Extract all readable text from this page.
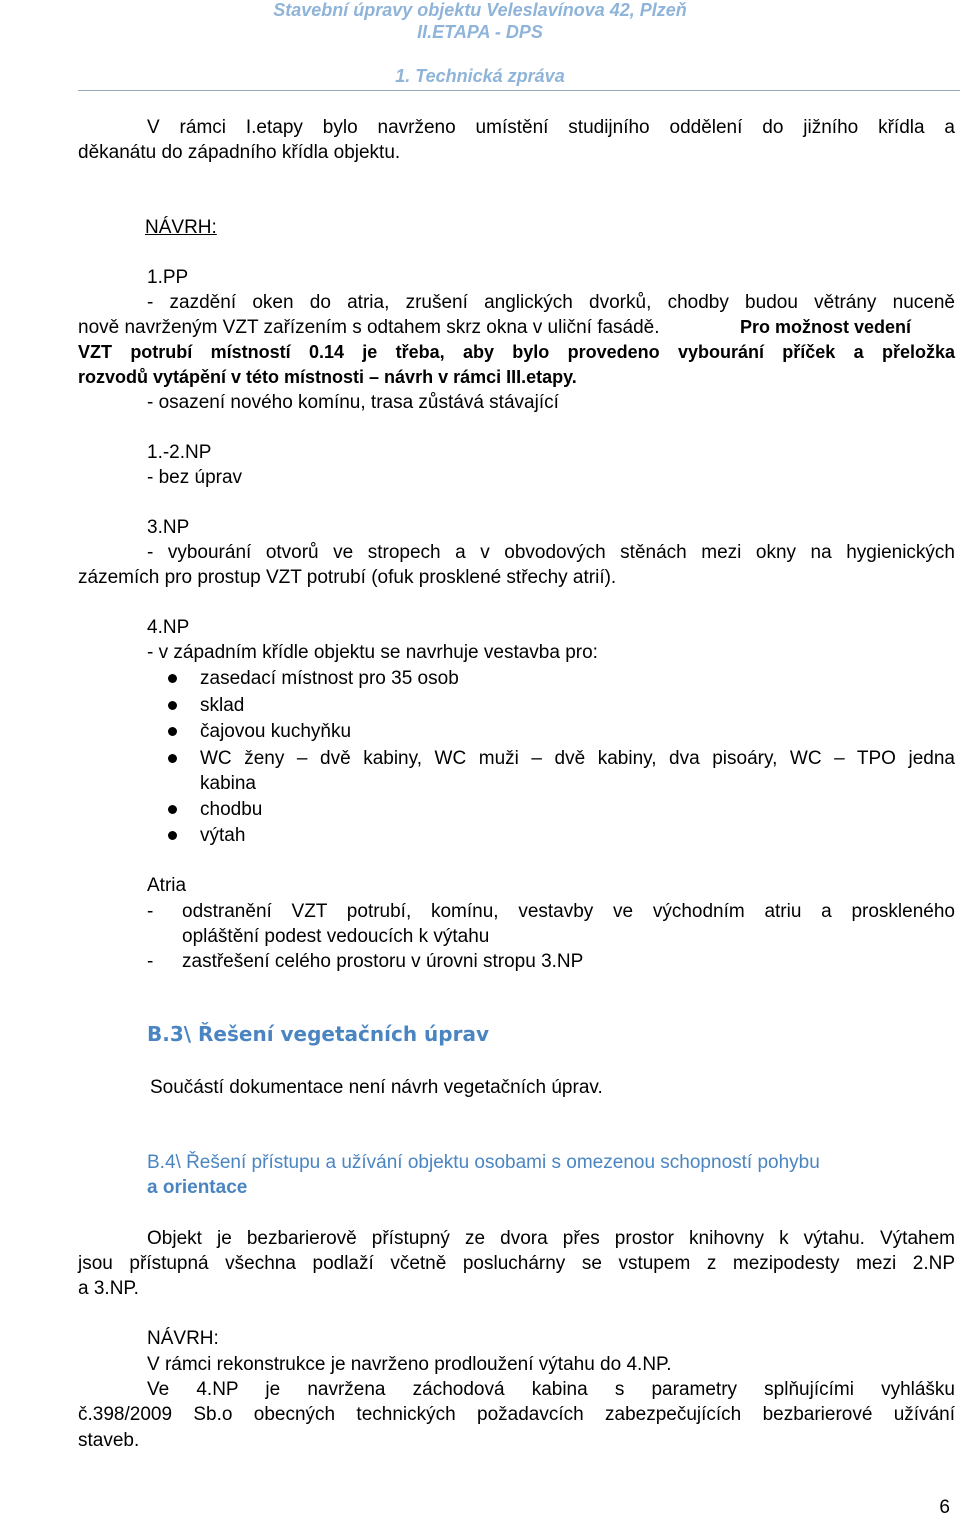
Stavební úpravy objektu Veleslavínova 42, Plzeň
II.ETAPA - DPS
1. Technická zpráva
V rámci I.etapy bylo navrženo umístění studijního oddělení do jižního křídla a
děkanátu do západního křídla objektu.
NÁVRH:
1.PP
- zazdění oken do atria, zrušení anglických dvorků, chodby budou větrány nuceně
nově navrženým VZT zařízením s odtahem skrz okna v uliční fasádě.	Pro možnost vedení
VZT potrubí místností 0.14 je třeba, aby bylo provedeno vybourání příček a přeložka
rozvodů vytápění v této místnosti – návrh v rámci III.etapy.
- osazení nového komínu, trasa zůstává stávající
1.-2.NP
- bez úprav
3.NP
- vybourání otvorů ve stropech a v obvodových stěnách mezi okny na hygienických
zázemích pro prostup VZT potrubí (ofuk prosklené střechy atrií).
4.NP
- v západním křídle objektu se navrhuje vestavba pro:
zasedací místnost pro 35 osob
sklad
čajovou kuchyňku
WC ženy – dvě kabiny, WC muži – dvě kabiny, dva pisoáry, WC – TPO jedna
kabina
chodbu
výtah
Atria
- odstranění VZT potrubí, komínu, vestavby ve východním atriu a proskleného
opláštění podest vedoucích k výtahu
- zastřešení celého prostoru v úrovni stropu 3.NP
B.3\ Řešení vegetačních úprav
Součástí dokumentace není návrh vegetačních úprav.
B.4\ Řešení přístupu a užívání objektu osobami s omezenou schopností pohybu
a orientace
Objekt je bezbarierově přístupný ze dvora přes prostor knihovny k výtahu. Výtahem
jsou přístupná všechna podlaží včetně posluchárny se vstupem z mezipodesty mezi 2.NP
a 3.NP.
NÁVRH:
V rámci rekonstrukce je navrženo prodloužení výtahu do 4.NP.
Ve 4.NP je navržena záchodová kabina s parametry splňujícími vyhlášku
č.398/2009 Sb.o obecných technických požadavcích zabezpečujících bezbarierové užívání
staveb.
6
